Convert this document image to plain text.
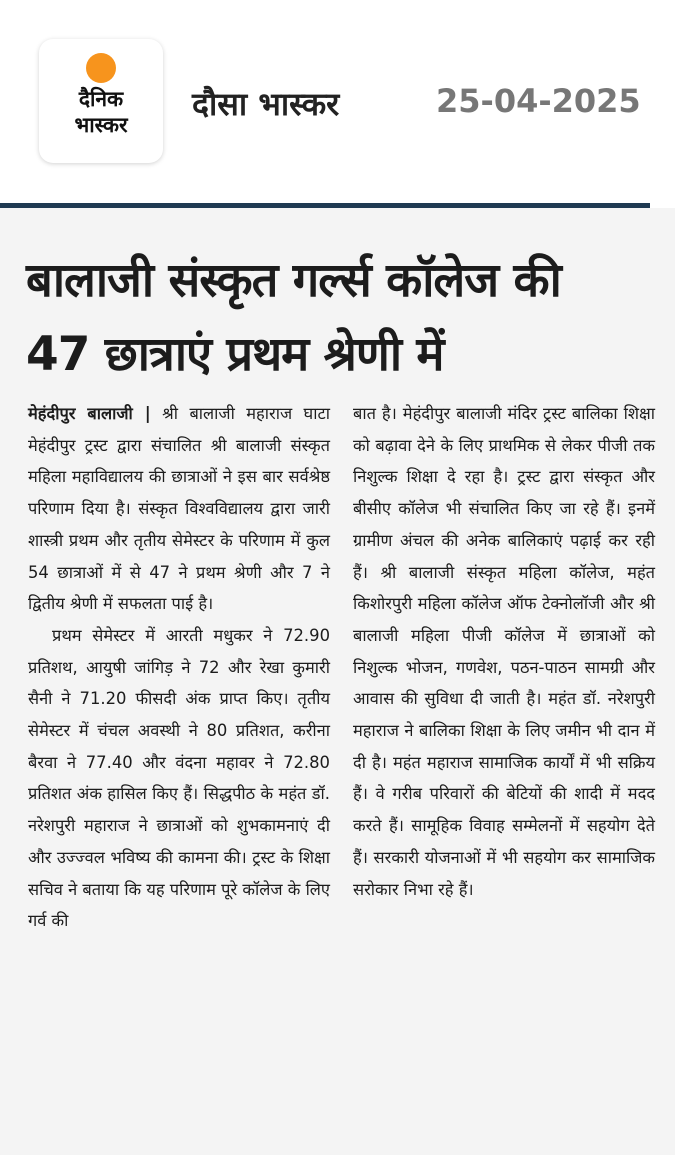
दैनिक
भास्कर
दौसा भास्कर	25-04-2025
बालाजी संस्कृत गर्ल्स कॉलेज की 47 छात्राएं प्रथम श्रेणी में

मेहंदीपुर बालाजी | श्री बालाजी महाराज घाटा मेहंदीपुर ट्रस्ट द्वारा संचालित श्री बालाजी संस्कृत महिला महाविद्यालय की छात्राओं ने इस बार सर्वश्रेष्ठ परिणाम दिया है। संस्कृत विश्वविद्यालय द्वारा जारी शास्त्री प्रथम और तृतीय सेमेस्टर के परिणाम में कुल 54 छात्राओं में से 47 ने प्रथम श्रेणी और 7 ने द्वितीय श्रेणी में सफलता पाई है।

प्रथम सेमेस्टर में आरती मधुकर ने 72.90 प्रतिशथ, आयुषी जांगिड़ ने 72 और रेखा कुमारी सैनी ने 71.20 फीसदी अंक प्राप्त किए। तृतीय सेमेस्टर में चंचल अवस्थी ने 80 प्रतिशत, करीना बैरवा ने 77.40 और वंदना महावर ने 72.80 प्रतिशत अंक हासिल किए हैं। सिद्धपीठ के महंत डॉ. नरेशपुरी महाराज ने छात्राओं को शुभकामनाएं दी और उज्ज्वल भविष्य की कामना की। ट्रस्ट के शिक्षा सचिव ने बताया कि यह परिणाम पूरे कॉलेज के लिए गर्व की

बात है। मेहंदीपुर बालाजी मंदिर ट्रस्ट बालिका शिक्षा को बढ़ावा देने के लिए प्राथमिक से लेकर पीजी तक निशुल्क शिक्षा दे रहा है। ट्रस्ट द्वारा संस्कृत और बीसीए कॉलेज भी संचालित किए जा रहे हैं। इनमें ग्रामीण अंचल की अनेक बालिकाएं पढ़ाई कर रही हैं। श्री बालाजी संस्कृत महिला कॉलेज, महंत किशोरपुरी महिला कॉलेज ऑफ टेक्नोलॉजी और श्री बालाजी महिला पीजी कॉलेज में छात्राओं को निशुल्क भोजन, गणवेश, पठन-पाठन सामग्री और आवास की सुविधा दी जाती है। महंत डॉ. नरेशपुरी महाराज ने बालिका शिक्षा के लिए जमीन भी दान में दी है। महंत महाराज सामाजिक कार्यों में भी सक्रिय हैं। वे गरीब परिवारों की बेटियों की शादी में मदद करते हैं। सामूहिक विवाह सम्मेलनों में सहयोग देते हैं। सरकारी योजनाओं में भी सहयोग कर सामाजिक सरोकार निभा रहे हैं।
